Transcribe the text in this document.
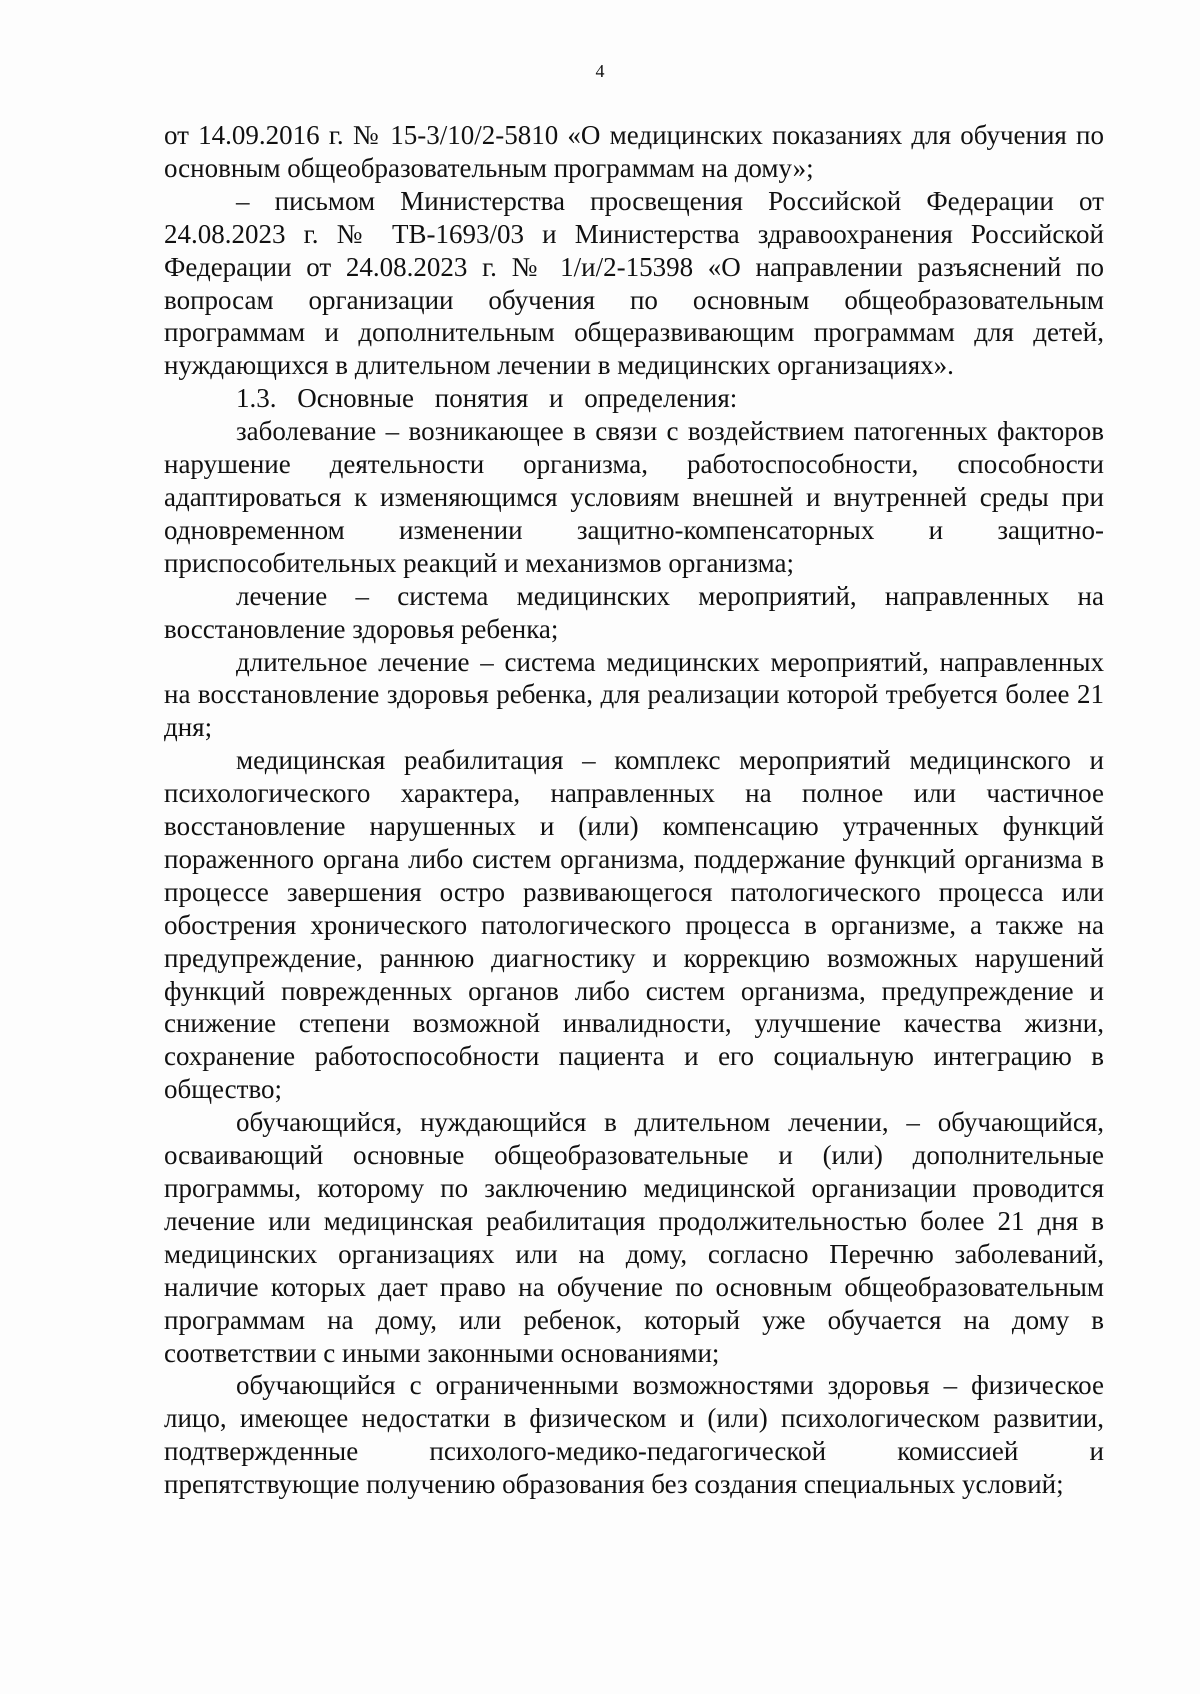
4

от 14.09.2016 г. № 15-3/10/2-5810 «О медицинских показаниях для обучения по основным общеобразовательным программам на дому»;

– письмом Министерства просвещения Российской Федерации от 24.08.2023 г. № ТВ-1693/03 и Министерства здравоохранения Российской Федерации от 24.08.2023 г. № 1/и/2-15398 «О направлении разъяснений по вопросам организации обучения по основным общеобразовательным программам и дополнительным общеразвивающим программам для детей, нуждающихся в длительном лечении в медицинских организациях».

1.3. Основные понятия и определения:

заболевание – возникающее в связи с воздействием патогенных факторов нарушение деятельности организма, работоспособности, способности адаптироваться к изменяющимся условиям внешней и внутренней среды при одновременном изменении защитно-компенсаторных и защитно-приспособительных реакций и механизмов организма;

лечение – система медицинских мероприятий, направленных на восстановление здоровья ребенка;

длительное лечение – система медицинских мероприятий, направленных на восстановление здоровья ребенка, для реализации которой требуется более 21 дня;

медицинская реабилитация – комплекс мероприятий медицинского и психологического характера, направленных на полное или частичное восстановление нарушенных и (или) компенсацию утраченных функций пораженного органа либо систем организма, поддержание функций организма в процессе завершения остро развивающегося патологического процесса или обострения хронического патологического процесса в организме, а также на предупреждение, раннюю диагностику и коррекцию возможных нарушений функций поврежденных органов либо систем организма, предупреждение и снижение степени возможной инвалидности, улучшение качества жизни, сохранение работоспособности пациента и его социальную интеграцию в общество;

обучающийся, нуждающийся в длительном лечении, – обучающийся, осваивающий основные общеобразовательные и (или) дополнительные программы, которому по заключению медицинской организации проводится лечение или медицинская реабилитация продолжительностью более 21 дня в медицинских организациях или на дому, согласно Перечню заболеваний, наличие которых дает право на обучение по основным общеобразовательным программам на дому, или ребенок, который уже обучается на дому в соответствии с иными законными основаниями;

обучающийся с ограниченными возможностями здоровья – физическое лицо, имеющее недостатки в физическом и (или) психологическом развитии, подтвержденные психолого-медико-педагогической комиссией и препятствующие получению образования без создания специальных условий;
